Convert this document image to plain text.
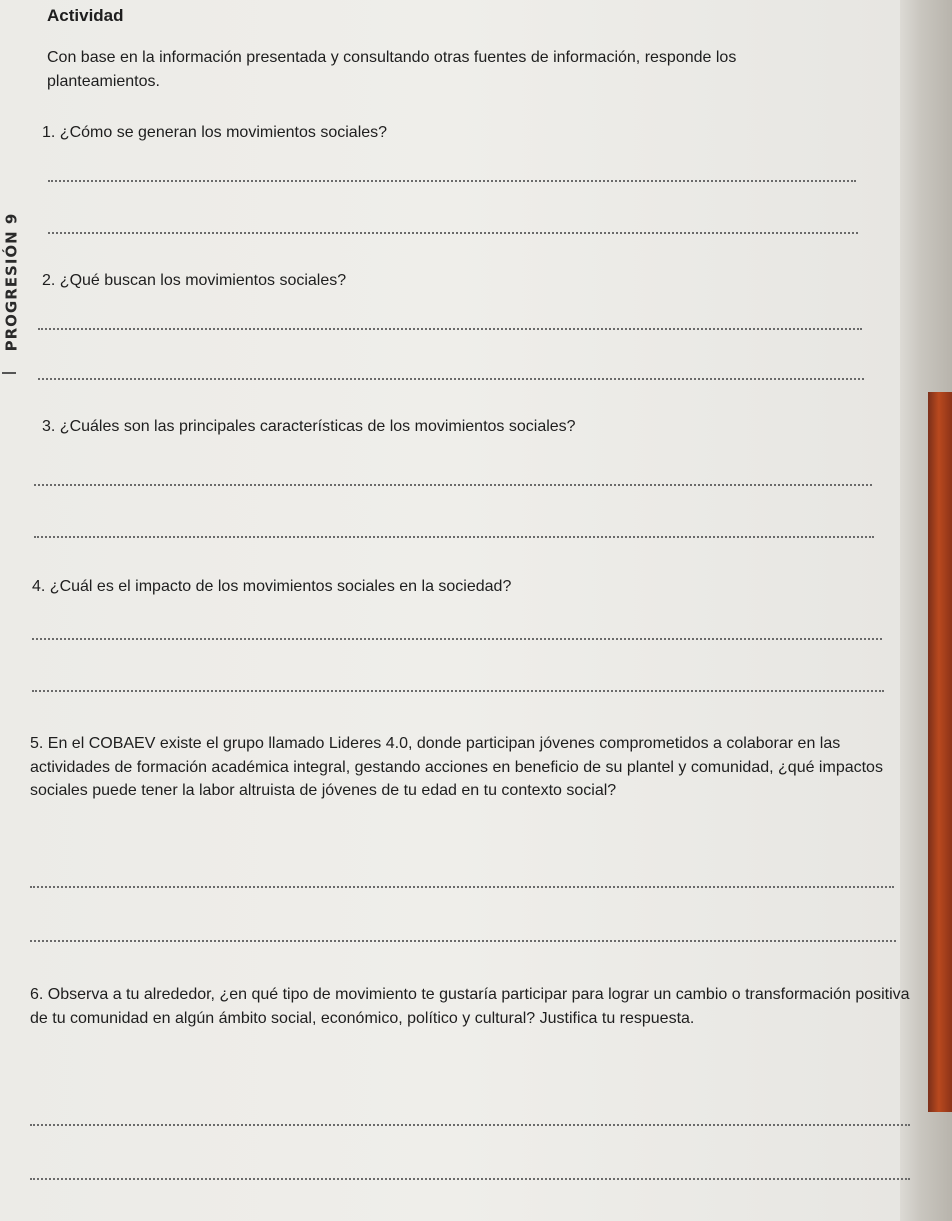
PROGRESIÓN 9
Actividad
Con base en la información presentada y consultando otras fuentes de información, responde los planteamientos.
1. ¿Cómo se generan los movimientos sociales?
2. ¿Qué buscan los movimientos sociales?
3. ¿Cuáles son las principales características de los movimientos sociales?
4. ¿Cuál es el impacto de los movimientos sociales en la sociedad?
5. En el COBAEV existe el grupo llamado Lideres 4.0, donde participan jóvenes comprometidos a colaborar en las actividades de formación académica integral, gestando acciones en beneficio de su plantel y comunidad, ¿qué impactos sociales puede tener la labor altruista de jóvenes de tu edad en tu contexto social?
6. Observa a tu alrededor, ¿en qué tipo de movimiento te gustaría participar para lograr un cambio o transformación positiva de tu comunidad en algún ámbito social, económico, político y cultural? Justifica tu respuesta.
